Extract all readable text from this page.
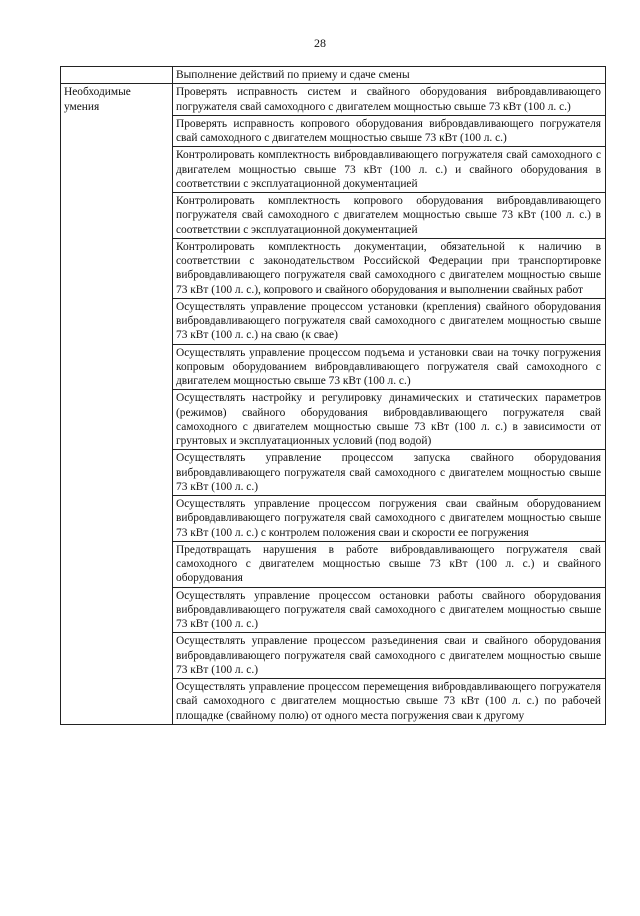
28
	Выполнение действий по приему и сдаче смены
Необходимые умения	Проверять исправность систем и свайного оборудования вибровдавливающего погружателя свай самоходного с двигателем мощностью свыше 73 кВт (100 л. с.)
	Проверять исправность копрового оборудования вибровдавливающего погружателя свай самоходного с двигателем мощностью свыше 73 кВт (100 л. с.)
	Контролировать комплектность вибровдавливающего погружателя свай самоходного с двигателем мощностью свыше 73 кВт (100 л. с.) и свайного оборудования в соответствии с эксплуатационной документацией
	Контролировать комплектность копрового оборудования вибровдавливающего погружателя свай самоходного с двигателем мощностью свыше 73 кВт (100 л. с.) в соответствии с эксплуатационной документацией
	Контролировать комплектность документации, обязательной к наличию в соответствии с законодательством Российской Федерации при транспортировке вибровдавливающего погружателя свай самоходного с двигателем мощностью свыше 73 кВт (100 л. с.), копрового и свайного оборудования и выполнении свайных работ
	Осуществлять управление процессом установки (крепления) свайного оборудования вибровдавливающего погружателя свай самоходного с двигателем мощностью свыше 73 кВт (100 л. с.) на сваю (к свае)
	Осуществлять управление процессом подъема и установки сваи на точку погружения копровым оборудованием вибровдавливающего погружателя свай самоходного с двигателем мощностью свыше 73 кВт (100 л. с.)
	Осуществлять настройку и регулировку динамических и статических параметров (режимов) свайного оборудования вибровдавливающего погружателя свай самоходного с двигателем мощностью свыше 73 кВт (100 л. с.) в зависимости от грунтовых и эксплуатационных условий (под водой)
	Осуществлять управление процессом запуска свайного оборудования вибровдавливающего погружателя свай самоходного с двигателем мощностью свыше 73 кВт (100 л. с.)
	Осуществлять управление процессом погружения сваи свайным оборудованием вибровдавливающего погружателя свай самоходного с двигателем мощностью свыше 73 кВт (100 л. с.) с контролем положения сваи и скорости ее погружения
	Предотвращать нарушения в работе вибровдавливающего погружателя свай самоходного с двигателем мощностью свыше 73 кВт (100 л. с.) и свайного оборудования
	Осуществлять управление процессом остановки работы свайного оборудования вибровдавливающего погружателя свай самоходного с двигателем мощностью свыше 73 кВт (100 л. с.)
	Осуществлять управление процессом разъединения сваи и свайного оборудования вибровдавливающего погружателя свай самоходного с двигателем мощностью свыше 73 кВт (100 л. с.)
	Осуществлять управление процессом перемещения вибровдавливающего погружателя свай самоходного с двигателем мощностью свыше 73 кВт (100 л. с.) по рабочей площадке (свайному полю) от одного места погружения сваи к другому
